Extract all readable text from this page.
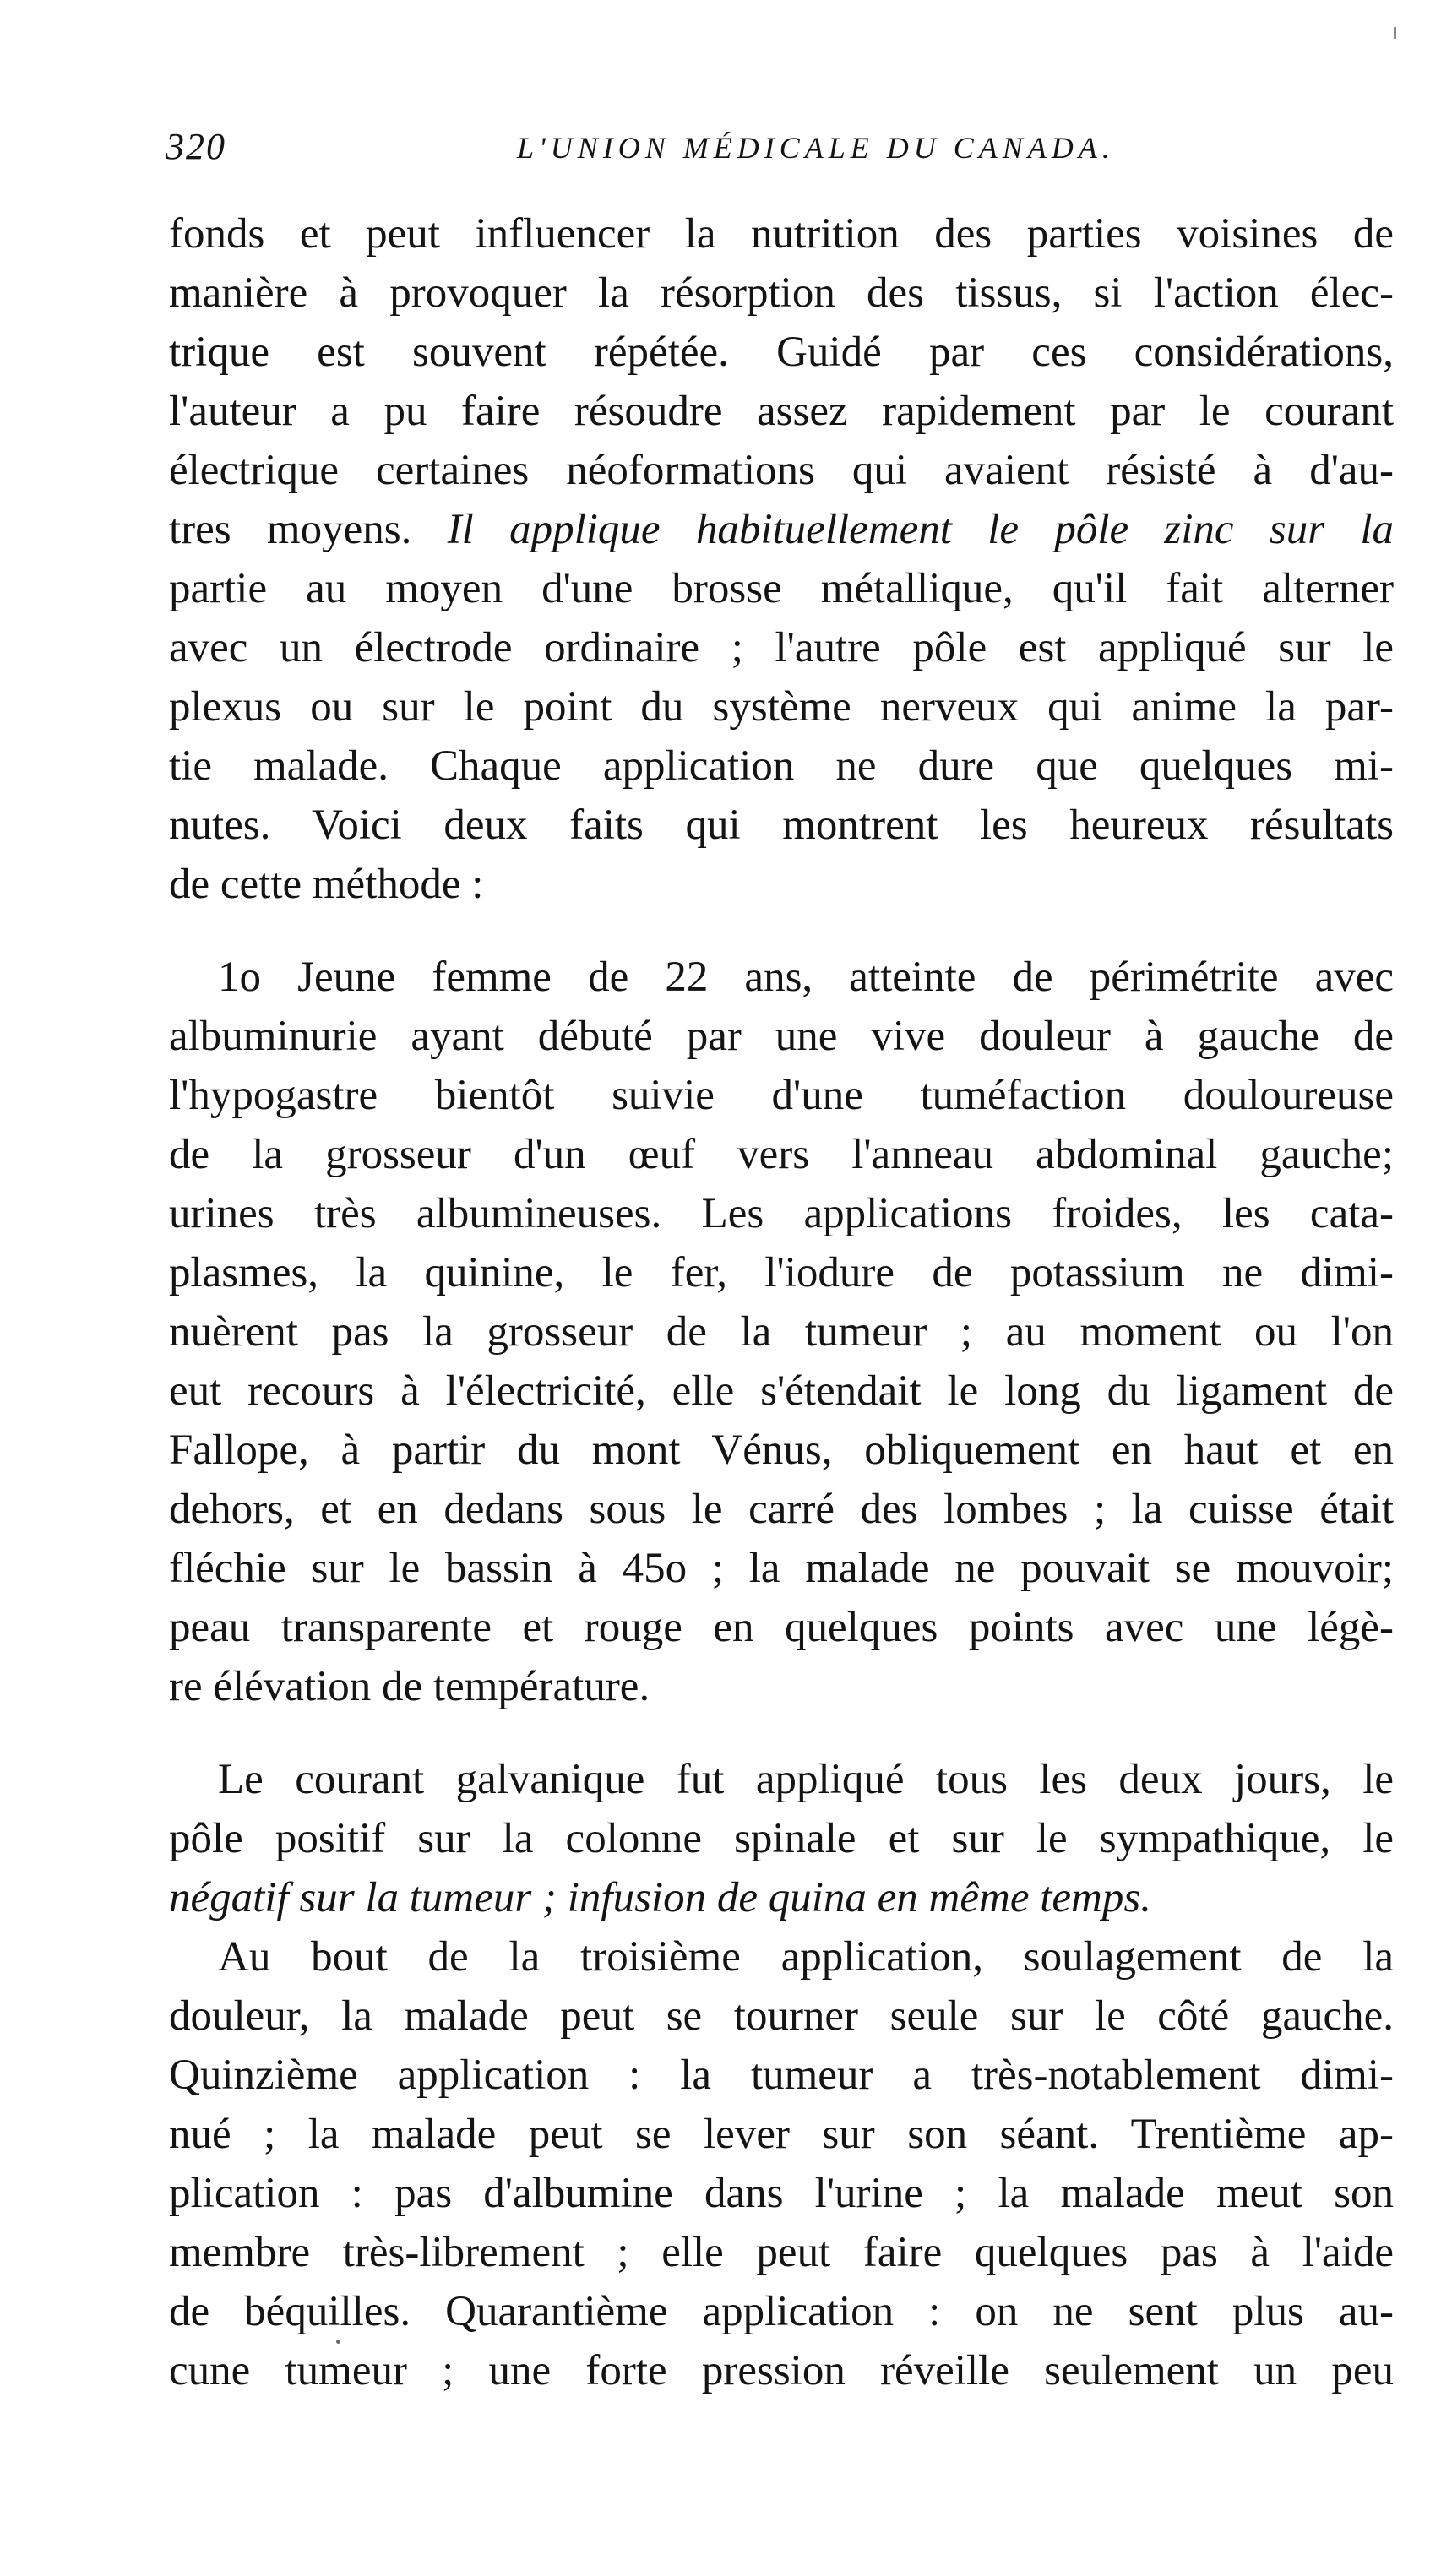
320	L'UNION MÉDICALE DU CANADA.
fonds et peut influencer la nutrition des parties voisines de
manière à provoquer la résorption des tissus, si l'action élec-
trique est souvent répétée. Guidé par ces considérations,
l'auteur a pu faire résoudre assez rapidement par le courant
électrique certaines néoformations qui avaient résisté à d'au-
tres moyens. Il applique habituellement le pôle zinc sur la
partie au moyen d'une brosse métallique, qu'il fait alterner
avec un électrode ordinaire ; l'autre pôle est appliqué sur le
plexus ou sur le point du système nerveux qui anime la par-
tie malade. Chaque application ne dure que quelques mi-
nutes. Voici deux faits qui montrent les heureux résultats
de cette méthode :
1o Jeune femme de 22 ans, atteinte de périmétrite avec
albuminurie ayant débuté par une vive douleur à gauche de
l'hypogastre bientôt suivie d'une tuméfaction douloureuse
de la grosseur d'un œuf vers l'anneau abdominal gauche;
urines très albumineuses. Les applications froides, les cata-
plasmes, la quinine, le fer, l'iodure de potassium ne dimi-
nuèrent pas la grosseur de la tumeur ; au moment ou l'on
eut recours à l'électricité, elle s'étendait le long du ligament de
Fallope, à partir du mont Vénus, obliquement en haut et en
dehors, et en dedans sous le carré des lombes ; la cuisse était
fléchie sur le bassin à 45o ; la malade ne pouvait se mouvoir;
peau transparente et rouge en quelques points avec une légè-
re élévation de température.
Le courant galvanique fut appliqué tous les deux jours, le
pôle positif sur la colonne spinale et sur le sympathique, le
négatif sur la tumeur ; infusion de quina en même temps.
Au bout de la troisième application, soulagement de la
douleur, la malade peut se tourner seule sur le côté gauche.
Quinzième application : la tumeur a très-notablement dimi-
nué ; la malade peut se lever sur son séant. Trentième ap-
plication : pas d'albumine dans l'urine ; la malade meut son
membre très-librement ; elle peut faire quelques pas à l'aide
de béquilles. Quarantième application : on ne sent plus au-
cune tumeur ; une forte pression réveille seulement un peu
